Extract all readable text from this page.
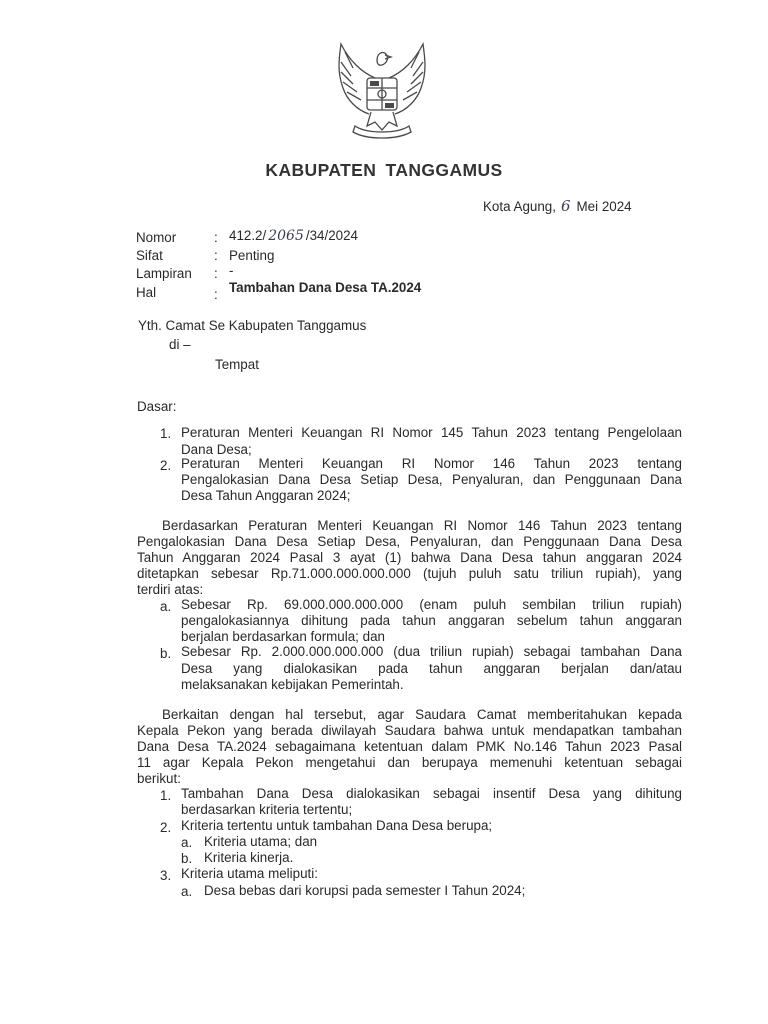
KABUPATEN TANGGAMUS
Kota Agung, 6 Mei 2024
Nomor	: 412.2/ 2065 /34/2024
Sifat	: Penting
Lampiran : -
Hal	: Tambahan Dana Desa TA.2024
Yth. Camat Se Kabupaten Tanggamus
di –
Tempat
Dasar:
1. Peraturan Menteri Keuangan RI Nomor 145 Tahun 2023 tentang Pengelolaan
Dana Desa;
2. Peraturan Menteri Keuangan RI Nomor 146 Tahun 2023 tentang
Pengalokasian Dana Desa Setiap Desa, Penyaluran, dan Penggunaan Dana
Desa Tahun Anggaran 2024;
Berdasarkan Peraturan Menteri Keuangan RI Nomor 146 Tahun 2023 tentang
Pengalokasian Dana Desa Setiap Desa, Penyaluran, dan Penggunaan Dana Desa
Tahun Anggaran 2024 Pasal 3 ayat (1) bahwa Dana Desa tahun anggaran 2024
ditetapkan sebesar Rp.71.000.000.000.000 (tujuh puluh satu triliun rupiah), yang
terdiri atas:
a. Sebesar Rp. 69.000.000.000.000 (enam puluh sembilan triliun rupiah)
pengalokasiannya dihitung pada tahun anggaran sebelum tahun anggaran
berjalan berdasarkan formula; dan
b. Sebesar Rp. 2.000.000.000.000 (dua triliun rupiah) sebagai tambahan Dana
Desa yang dialokasikan pada tahun anggaran berjalan dan/atau
melaksanakan kebijakan Pemerintah.
Berkaitan dengan hal tersebut, agar Saudara Camat memberitahukan kepada
Kepala Pekon yang berada diwilayah Saudara bahwa untuk mendapatkan tambahan
Dana Desa TA.2024 sebagaimana ketentuan dalam PMK No.146 Tahun 2023 Pasal
11 agar Kepala Pekon mengetahui dan berupaya memenuhi ketentuan sebagai
berikut:
1. Tambahan Dana Desa dialokasikan sebagai insentif Desa yang dihitung
berdasarkan kriteria tertentu;
2. Kriteria tertentu untuk tambahan Dana Desa berupa;
a. Kriteria utama; dan
b. Kriteria kinerja.
3. Kriteria utama meliputi:
a. Desa bebas dari korupsi pada semester I Tahun 2024;
